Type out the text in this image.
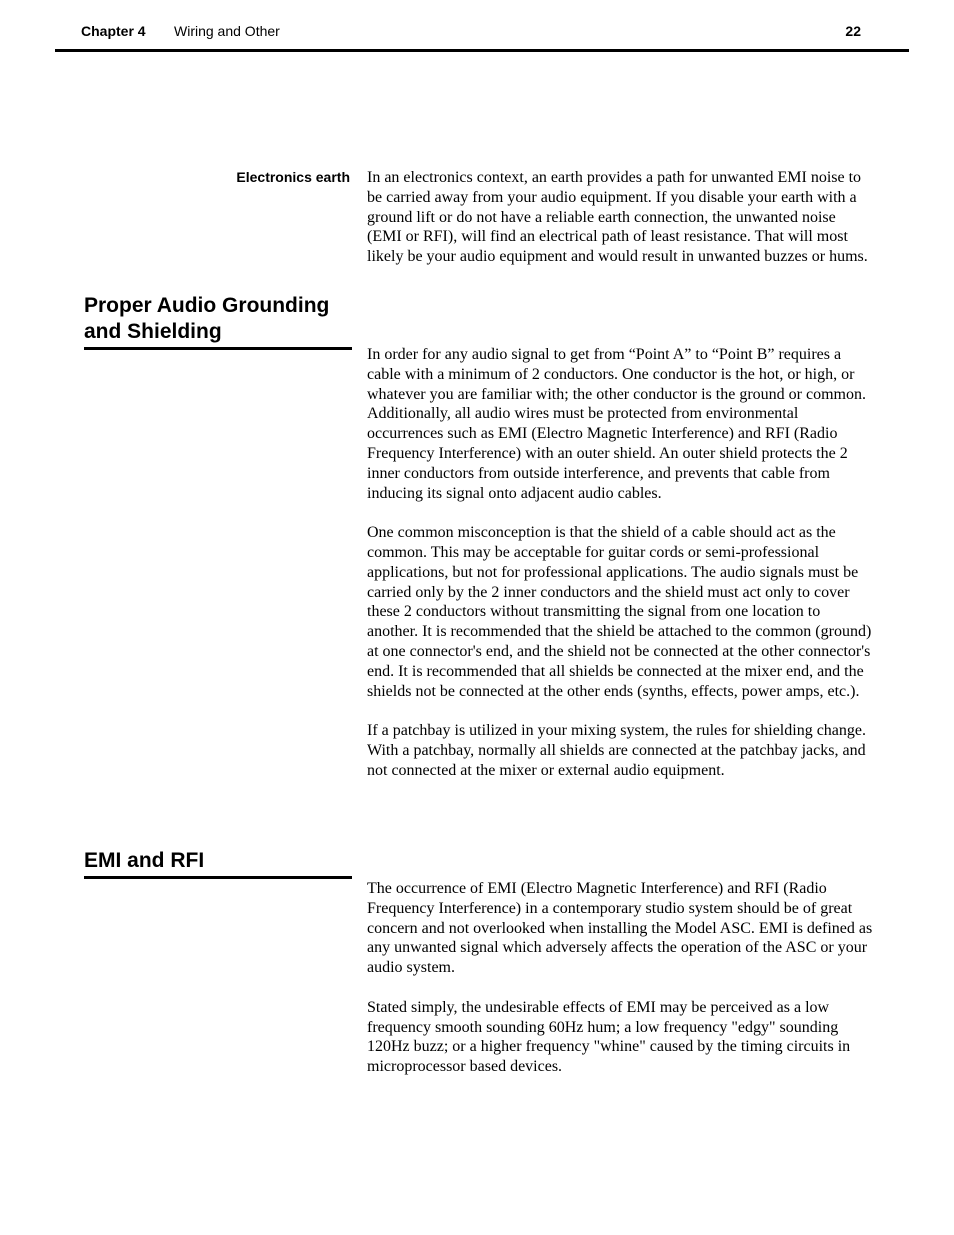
Chapter 4 Wiring and Other	22
Electronics earth In an electronics context, an earth provides a path for unwanted EMI noise to be carried away from your audio equipment. If you disable your earth with a ground lift or do not have a reliable earth connection, the unwanted noise (EMI or RFI), will find an electrical path of least resistance. That will most likely be your audio equipment and would result in unwanted buzzes or hums.

Proper Audio Grounding and Shielding

In order for any audio signal to get from “Point A” to “Point B” requires a cable with a minimum of 2 conductors. One conductor is the hot, or high, or whatever you are familiar with; the other conductor is the ground or common. Additionally, all audio wires must be protected from environmental occurrences such as EMI (Electro Magnetic Interference) and RFI (Radio Frequency Interference) with an outer shield. An outer shield protects the 2 inner conductors from outside interference, and prevents that cable from inducing its signal onto adjacent audio cables.

One common misconception is that the shield of a cable should act as the common. This may be acceptable for guitar cords or semi-professional applications, but not for professional applications. The audio signals must be carried only by the 2 inner conductors and the shield must act only to cover these 2 conductors without transmitting the signal from one location to another. It is recommended that the shield be attached to the common (ground) at one connector's end, and the shield not be connected at the other connector's end. It is recommended that all shields be connected at the mixer end, and the shields not be connected at the other ends (synths, effects, power amps, etc.).

If a patchbay is utilized in your mixing system, the rules for shielding change. With a patchbay, normally all shields are connected at the patchbay jacks, and not connected at the mixer or external audio equipment.

EMI and RFI

The occurrence of EMI (Electro Magnetic Interference) and RFI (Radio Frequency Interference) in a contemporary studio system should be of great concern and not overlooked when installing the Model ASC. EMI is defined as any unwanted signal which adversely affects the operation of the ASC or your audio system.

Stated simply, the undesirable effects of EMI may be perceived as a low frequency smooth sounding 60Hz hum; a low frequency "edgy" sounding 120Hz buzz; or a higher frequency "whine" caused by the timing circuits in microprocessor based devices.
